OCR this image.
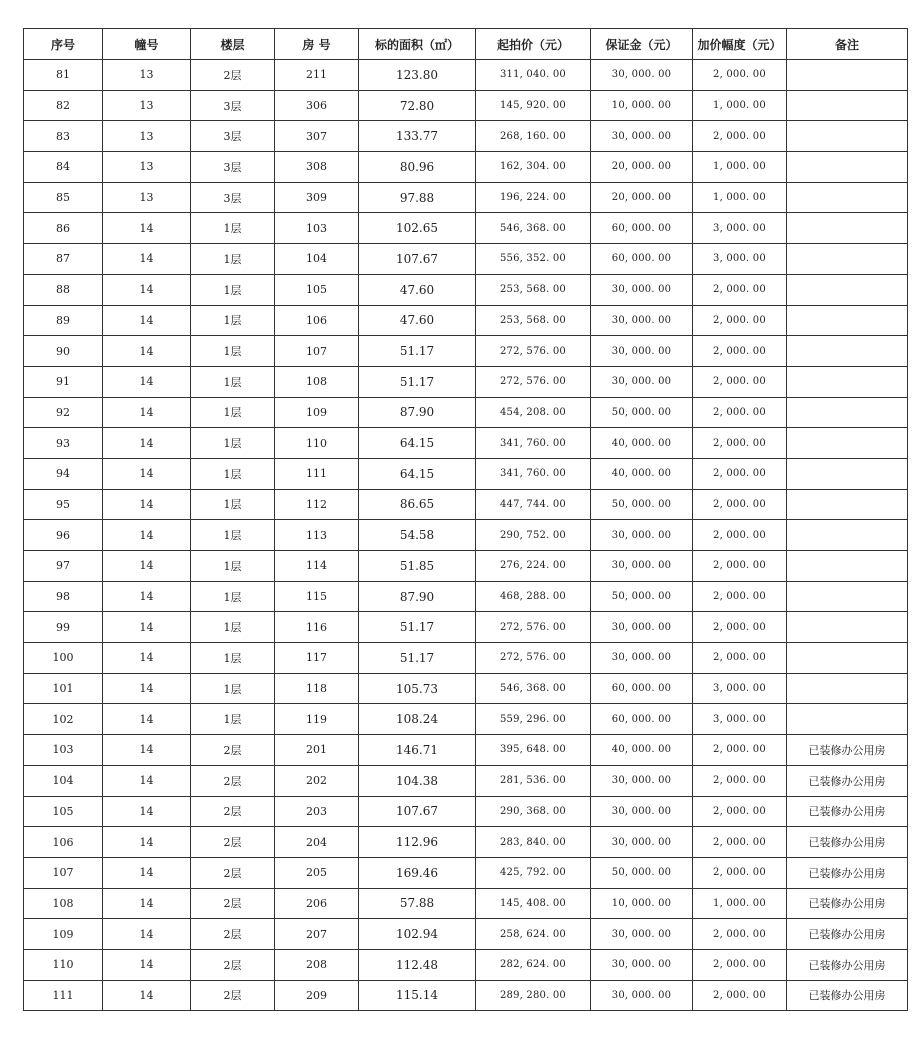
序号	幢号	楼层	房 号	标的面积（㎡）	起拍价（元）	保证金（元）	加价幅度（元）	备注
81	13	2层	211	123.80	311, 040. 00	30, 000. 00	2, 000. 00	
82	13	3层	306	72.80	145, 920. 00	10, 000. 00	1, 000. 00	
83	13	3层	307	133.77	268, 160. 00	30, 000. 00	2, 000. 00	
84	13	3层	308	80.96	162, 304. 00	20, 000. 00	1, 000. 00	
85	13	3层	309	97.88	196, 224. 00	20, 000. 00	1, 000. 00	
86	14	1层	103	102.65	546, 368. 00	60, 000. 00	3, 000. 00	
87	14	1层	104	107.67	556, 352. 00	60, 000. 00	3, 000. 00	
88	14	1层	105	47.60	253, 568. 00	30, 000. 00	2, 000. 00	
89	14	1层	106	47.60	253, 568. 00	30, 000. 00	2, 000. 00	
90	14	1层	107	51.17	272, 576. 00	30, 000. 00	2, 000. 00	
91	14	1层	108	51.17	272, 576. 00	30, 000. 00	2, 000. 00	
92	14	1层	109	87.90	454, 208. 00	50, 000. 00	2, 000. 00	
93	14	1层	110	64.15	341, 760. 00	40, 000. 00	2, 000. 00	
94	14	1层	111	64.15	341, 760. 00	40, 000. 00	2, 000. 00	
95	14	1层	112	86.65	447, 744. 00	50, 000. 00	2, 000. 00	
96	14	1层	113	54.58	290, 752. 00	30, 000. 00	2, 000. 00	
97	14	1层	114	51.85	276, 224. 00	30, 000. 00	2, 000. 00	
98	14	1层	115	87.90	468, 288. 00	50, 000. 00	2, 000. 00	
99	14	1层	116	51.17	272, 576. 00	30, 000. 00	2, 000. 00	
100	14	1层	117	51.17	272, 576. 00	30, 000. 00	2, 000. 00	
101	14	1层	118	105.73	546, 368. 00	60, 000. 00	3, 000. 00	
102	14	1层	119	108.24	559, 296. 00	60, 000. 00	3, 000. 00	
103	14	2层	201	146.71	395, 648. 00	40, 000. 00	2, 000. 00	已装修办公用房
104	14	2层	202	104.38	281, 536. 00	30, 000. 00	2, 000. 00	已装修办公用房
105	14	2层	203	107.67	290, 368. 00	30, 000. 00	2, 000. 00	已装修办公用房
106	14	2层	204	112.96	283, 840. 00	30, 000. 00	2, 000. 00	已装修办公用房
107	14	2层	205	169.46	425, 792. 00	50, 000. 00	2, 000. 00	已装修办公用房
108	14	2层	206	57.88	145, 408. 00	10, 000. 00	1, 000. 00	已装修办公用房
109	14	2层	207	102.94	258, 624. 00	30, 000. 00	2, 000. 00	已装修办公用房
110	14	2层	208	112.48	282, 624. 00	30, 000. 00	2, 000. 00	已装修办公用房
111	14	2层	209	115.14	289, 280. 00	30, 000. 00	2, 000. 00	已装修办公用房
